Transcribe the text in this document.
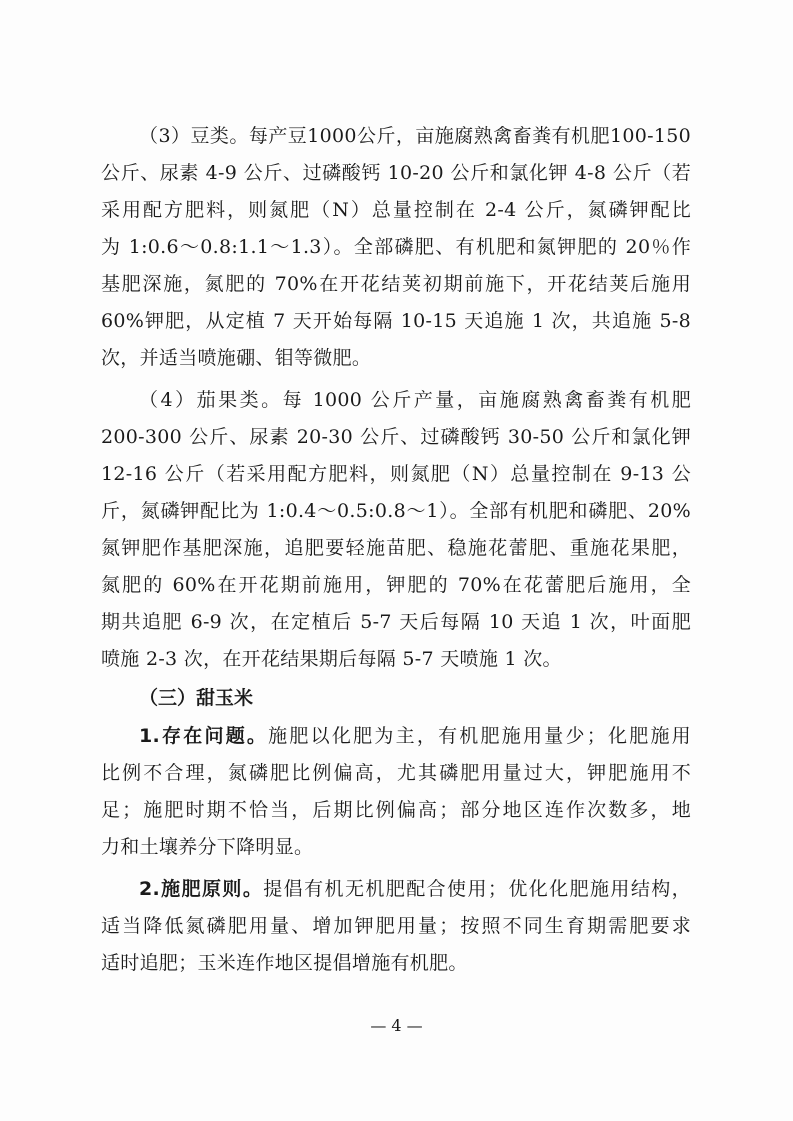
（3）豆类。每产豆1000公斤，亩施腐熟禽畜粪有机肥100-150
公斤、尿素 4-9 公斤、过磷酸钙 10-20 公斤和氯化钾 4-8 公斤（若
采用配方肥料，则氮肥（N）总量控制在 2-4 公斤，氮磷钾配比
为 1:0.6～0.8:1.1～1.3）。全部磷肥、有机肥和氮钾肥的 20％作
基肥深施，氮肥的 70%在开花结荚初期前施下，开花结荚后施用
60%钾肥，从定植 7 天开始每隔 10-15 天追施 1 次，共追施 5-8
次，并适当喷施硼、钼等微肥。
（4）茄果类。每 1000 公斤产量，亩施腐熟禽畜粪有机肥
200-300 公斤、尿素 20-30 公斤、过磷酸钙 30-50 公斤和氯化钾
12-16 公斤（若采用配方肥料，则氮肥（N）总量控制在 9-13 公
斤，氮磷钾配比为 1:0.4～0.5:0.8～1）。全部有机肥和磷肥、20%
氮钾肥作基肥深施，追肥要轻施苗肥、稳施花蕾肥、重施花果肥，
氮肥的 60%在开花期前施用，钾肥的 70%在花蕾肥后施用，全
期共追肥 6-9 次，在定植后 5-7 天后每隔 10 天追 1 次，叶面肥
喷施 2-3 次，在开花结果期后每隔 5-7 天喷施 1 次。
（三）甜玉米
1.存在问题。施肥以化肥为主，有机肥施用量少；化肥施用
比例不合理，氮磷肥比例偏高，尤其磷肥用量过大，钾肥施用不
足；施肥时期不恰当，后期比例偏高；部分地区连作次数多，地
力和土壤养分下降明显。
2.施肥原则。提倡有机无机肥配合使用；优化化肥施用结构，
适当降低氮磷肥用量、增加钾肥用量；按照不同生育期需肥要求
适时追肥；玉米连作地区提倡增施有机肥。
— 4 —
